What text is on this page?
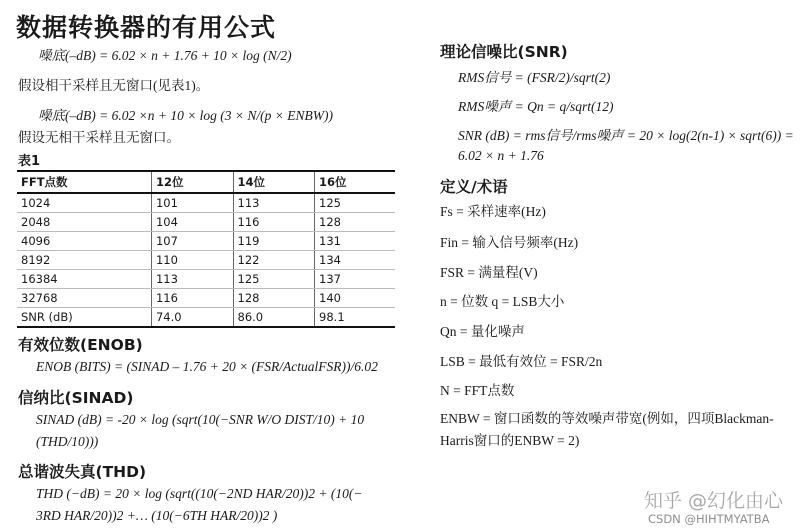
数据转换器的有用公式
噪底(–dB) = 6.02 × n + 1.76 + 10 × log (N/2)
假设相干采样且无窗口(见表1)。
噪底(–dB) = 6.02 ×n + 10 × log (3 × N/(p × ENBW))
假设无相干采样且无窗口。
表1
FFT点数	12位	14位	16位
1024	101	113	125
2048	104	116	128
4096	107	119	131
8192	110	122	134
16384	113	125	137
32768	116	128	140
SNR (dB)	74.0	86.0	98.1
有效位数(ENOB)
ENOB (BITS) = (SINAD – 1.76 + 20 × (FSR/ActualFSR))/6.02
信纳比(SINAD)
SINAD (dB) = -20 × log (sqrt(10(−SNR W/O DIST/10) + 10
(THD/10)))
总谐波失真(THD)
THD (−dB) = 20 × log (sqrt((10(−2ND HAR/20))2 + (10(−
3RD HAR/20))2 +… (10(−6TH HAR/20))2 )
理论信噪比(SNR)
RMS信号 = (FSR/2)/sqrt(2)
RMS噪声 = Qn = q/sqrt(12)
SNR (dB) = rms信号/rms噪声 = 20 × log(2(n-1) × sqrt(6)) =
6.02 × n + 1.76
定义/术语
Fs = 采样速率(Hz)
Fin = 输入信号频率(Hz)
FSR = 满量程(V)
n = 位数 q = LSB大小
Qn = 量化噪声
LSB = 最低有效位 = FSR/2n
N = FFT点数
ENBW = 窗口函数的等效噪声带宽(例如，四项Blackman-Harris窗口的ENBW = 2)
知乎 @幻化由心
CSDN @HIHTMYATBA
